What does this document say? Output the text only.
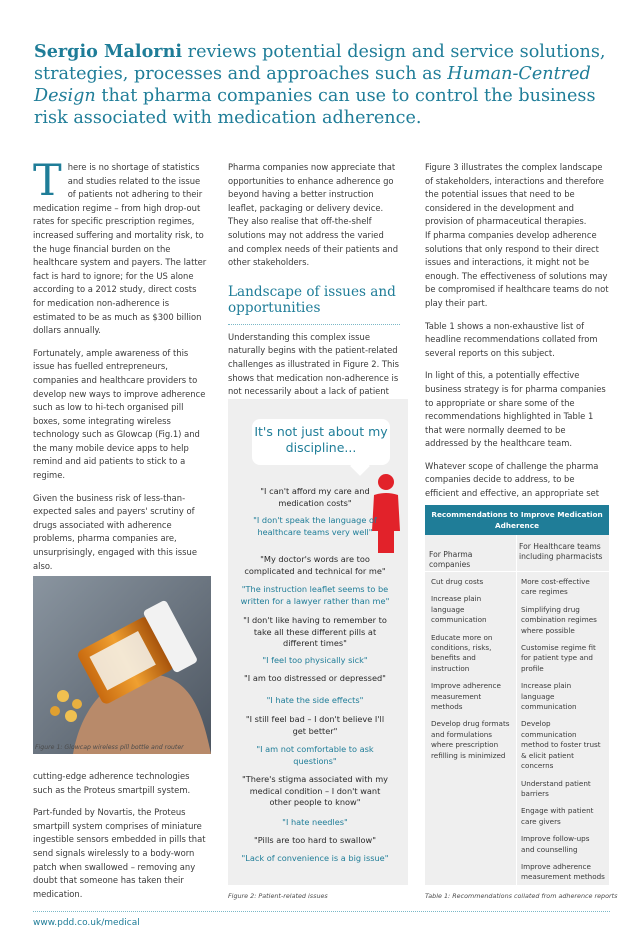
Sergio Malorni reviews potential design and service solutions, strategies, processes and approaches such as Human-Centred Design that pharma companies can use to control the business risk associated with medication adherence.

There is no shortage of statistics and studies related to the issue of patients not adhering to their medication regime – from high drop-out rates for specific prescription regimes, increased suffering and mortality risk, to the huge financial burden on the healthcare system and payers. The latter fact is hard to ignore; for the US alone according to a 2012 study, direct costs for medication non-adherence is estimated to be as much as $300 billion dollars annually.

Fortunately, ample awareness of this issue has fuelled entrepreneurs, companies and healthcare providers to develop new ways to improve adherence such as low to hi-tech organised pill boxes, some integrating wireless technology such as Glowcap (Fig.1) and the many mobile device apps to help remind and aid patients to stick to a regime.

Given the business risk of less-than-expected sales and payers' scrutiny of drugs associated with adherence problems, pharma companies are, unsurprisingly, engaged with this issue also.

Figure 1: Glowcap wireless pill bottle and router

cutting-edge adherence technologies such as the Proteus smartpill system.

Part-funded by Novartis, the Proteus smartpill system comprises of miniature ingestible sensors embedded in pills that send signals wirelessly to a body-worn patch when swallowed – removing any doubt that someone has taken their medication.

Pharma companies now appreciate that opportunities to enhance adherence go beyond having a better instruction leaflet, packaging or delivery device. They also realise that off-the-shelf solutions may not address the varied and complex needs of their patients and other stakeholders.

Landscape of issues and opportunities

Understanding this complex issue naturally begins with the patient-related challenges as illustrated in Figure 2. This shows that medication non-adherence is not necessarily about a lack of patient

It's not just about my discipline...
"I can't afford my care and medication costs"
"I don't speak the language of healthcare teams very well"
"My doctor's words are too complicated and technical for me"
"The instruction leaflet seems to be written for a lawyer rather than me"
"I don't like having to remember to take all these different pills at different times"
"I feel too physically sick"
"I am too distressed or depressed"
"I hate the side effects"
"I still feel bad – I don't believe I'll get better"
"I am not comfortable to ask questions"
"There's stigma associated with my medical condition – I don't want other people to know"
"I hate needles"
"Pills are too hard to swallow"
"Lack of convenience is a big issue"
Figure 2: Patient-related issues

Figure 3 illustrates the complex landscape of stakeholders, interactions and therefore the potential issues that need to be considered in the development and provision of pharmaceutical therapies.

If pharma companies develop adherence solutions that only respond to their direct issues and interactions, it might not be enough. The effectiveness of solutions may be compromised if healthcare teams do not play their part.

Table 1 shows a non-exhaustive list of headline recommendations collated from several reports on this subject.

In light of this, a potentially effective business strategy is for pharma companies to appropriate or share some of the recommendations highlighted in Table 1 that were normally deemed to be addressed by the healthcare team.

Whatever scope of challenge the pharma companies decide to address, to be efficient and effective, an appropriate set

Recommendations to Improve Medication Adherence
For Pharma companies
For Healthcare teams including pharmacists
Cut drug costs
Increase plain language communication
Educate more on conditions, risks, benefits and instruction
Improve adherence measurement methods
Develop drug formats and formulations where prescription refilling is minimized
More cost-effective care regimes
Simplifying drug combination regimes where possible
Customise regime fit for patient type and profile
Increase plain language communication
Develop communication method to foster trust & elicit patient concerns
Understand patient barriers
Engage with patient care givers
Improve follow-ups and counselling
Improve adherence measurement methods
Table 1: Recommendations collated from adherence reports
www.pdd.co.uk/medical
